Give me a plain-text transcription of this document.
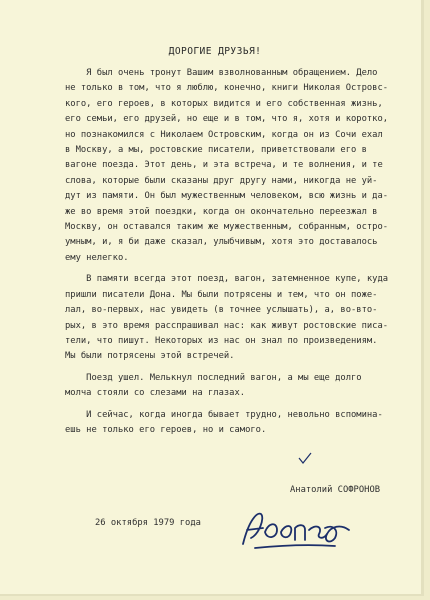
ДОРОГИЕ ДРУЗЬЯ!
Я был очень тронут Вашим взволнованным обращением. Дело
не только в том, что я люблю, конечно, книги Николая Островс-
кого, его героев, в которых видится и его собственная жизнь,
его семьи, его друзей, но еще и в том, что я, хотя и коротко,
но познакомился с Николаем Островским, когда он из Сочи ехал
в Москву, а мы, ростовские писатели, приветствовали его в
вагоне поезда. Этот день, и эта встреча, и те волнения, и те
слова, которые были сказаны друг другу нами, никогда не уй-
дут из памяти. Он был мужественным человеком, всю жизнь и да-
же во время этой поездки, когда он окончательно переезжал в
Москву, он оставался таким же мужественным, собранным, остро-
умным, и, я би даже сказал, улыбчивым, хотя это доставалось
ему нелегко.
В памяти всегда этот поезд, вагон, затемненное купе, куда
пришли писатели Дона. Мы были потрясены и тем, что он поже-
лал, во-первых, нас увидеть (в точнее услышать), а, во-вто-
рых, в это время расспрашивал нас: как живут ростовские писа-
тели, что пишут. Некоторых из нас он знал по произведениям.
Мы были потрясены этой встречей.
Поезд ушел. Мелькнул последний вагон, а мы еще долго
молча стояли со слезами на глазах.
И сейчас, когда иногда бывает трудно, невольно вспомина-
ешь не только его героев, но и самого.
Анатолий СОФРОНОВ
26 октября 1979 года
